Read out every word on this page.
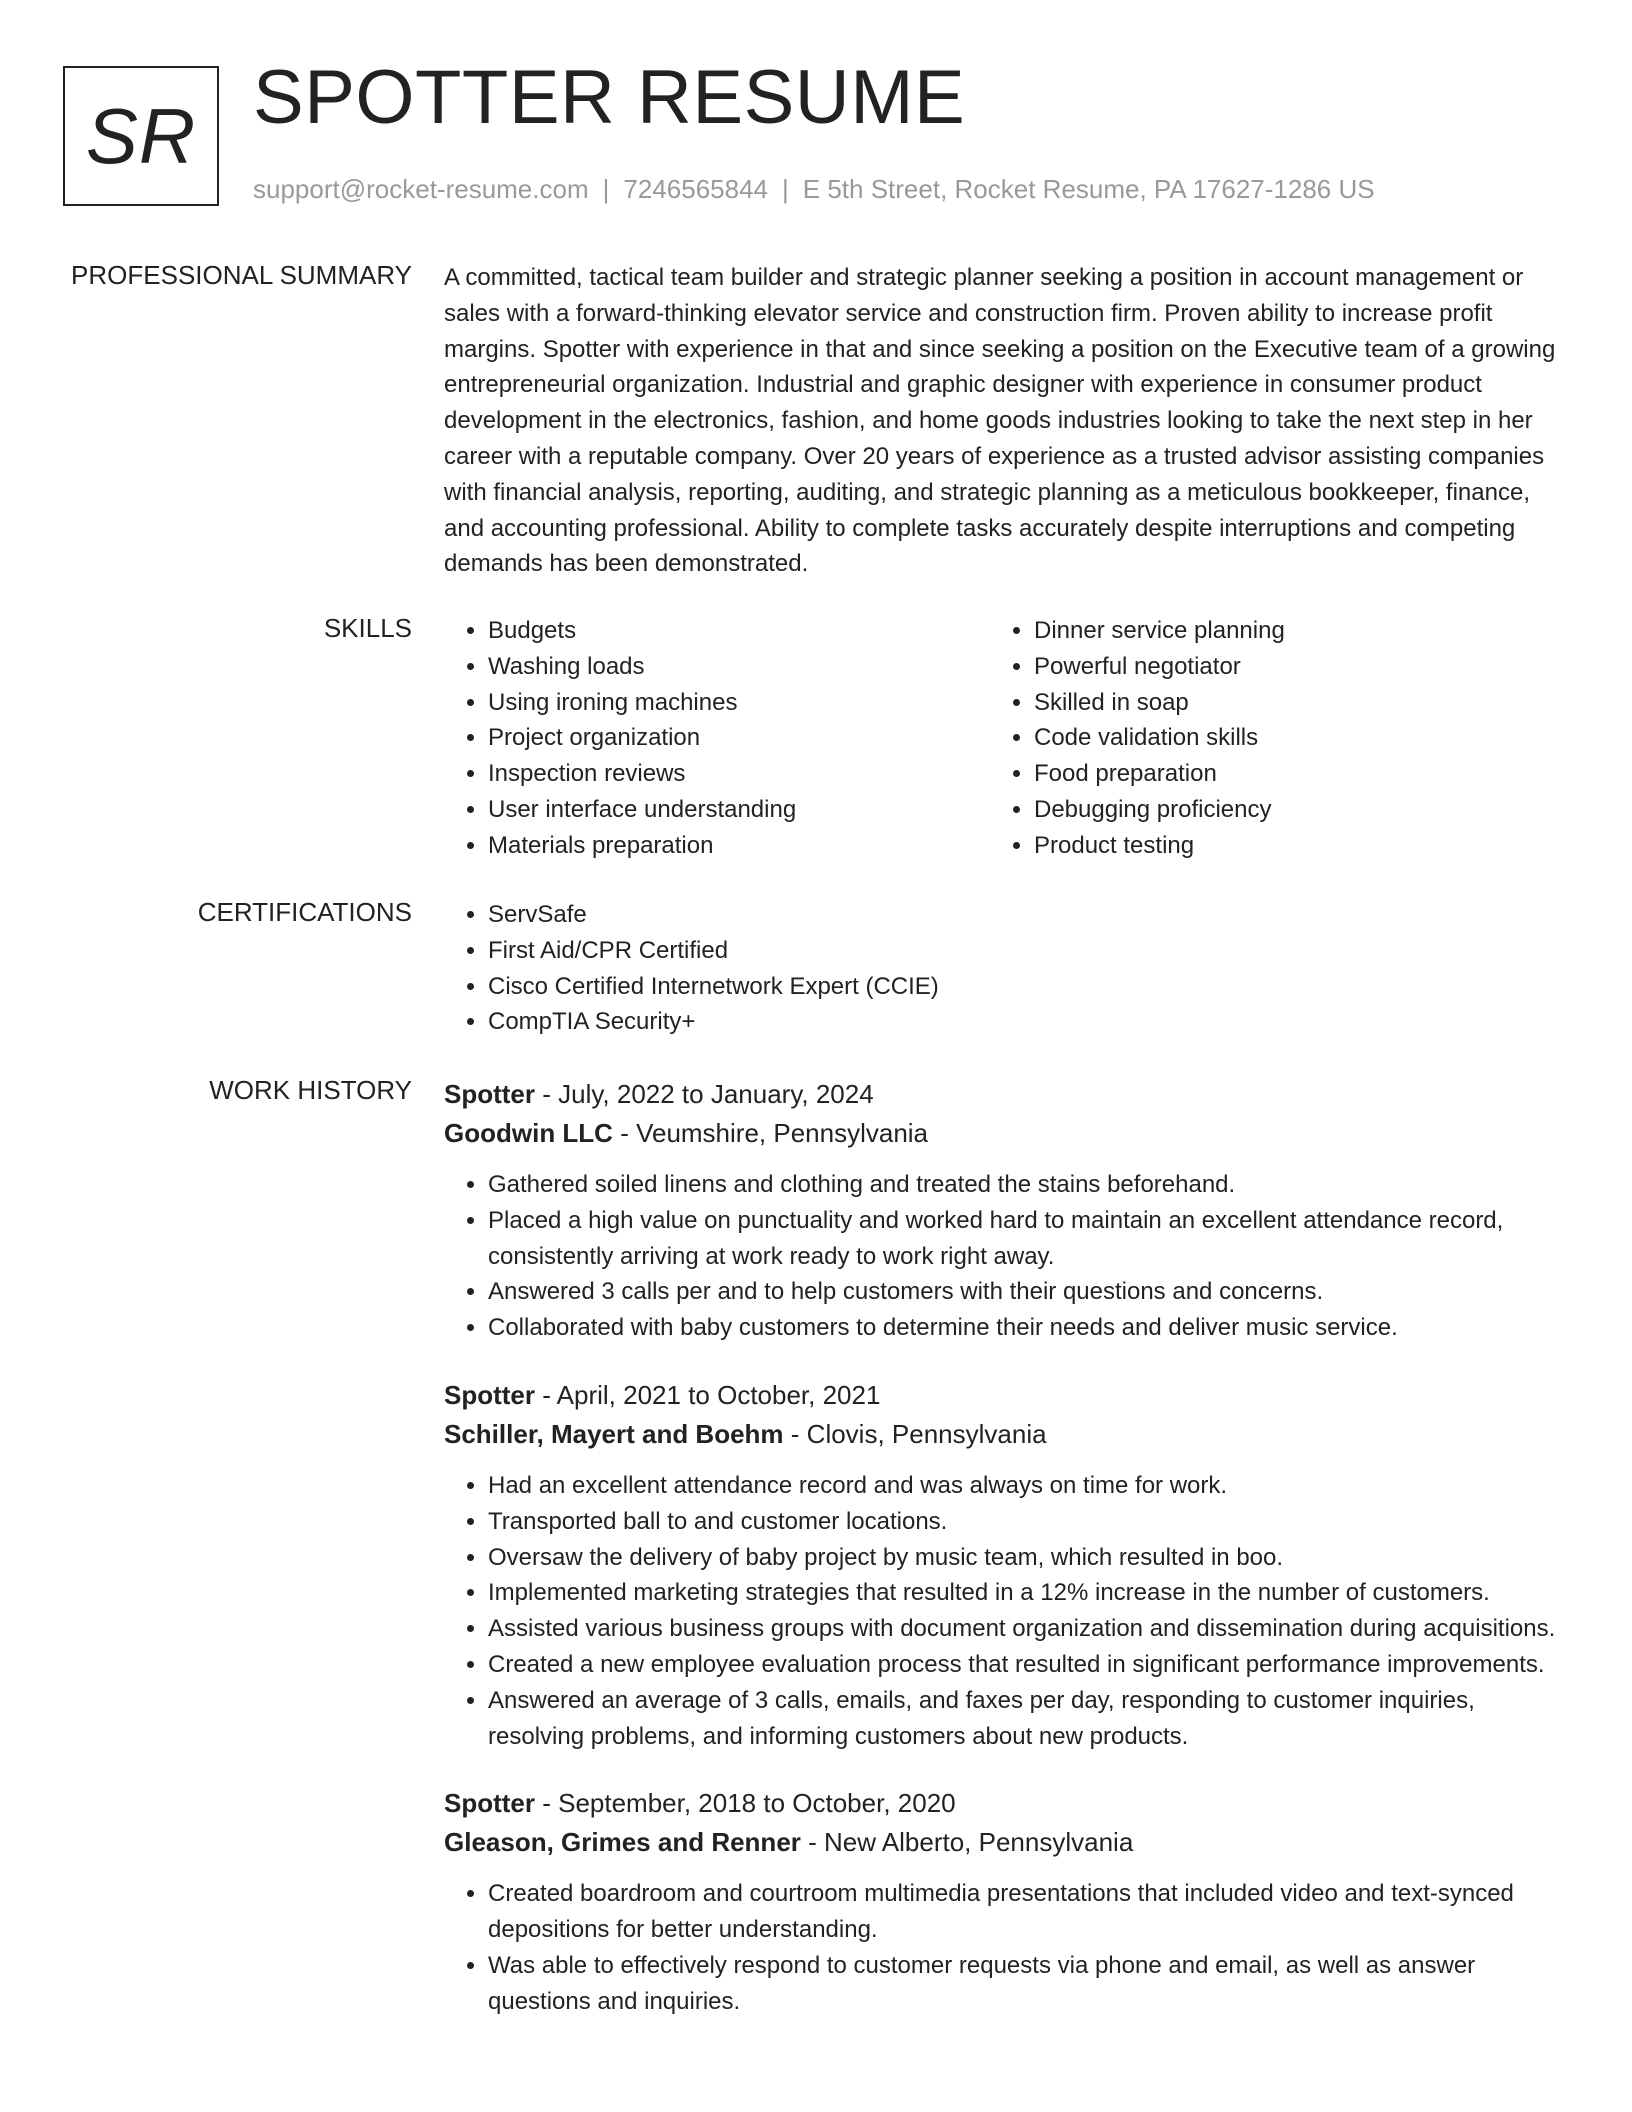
SR SPOTTER RESUME
support@rocket-resume.com | 7246565844 | E 5th Street, Rocket Resume, PA 17627-1286 US
PROFESSIONAL SUMMARY A committed, tactical team builder and strategic planner seeking a position in account management or sales with a forward-thinking elevator service and construction firm. Proven ability to increase profit margins. Spotter with experience in that and since seeking a position on the Executive team of a growing entrepreneurial organization. Industrial and graphic designer with experience in consumer product development in the electronics, fashion, and home goods industries looking to take the next step in her career with a reputable company. Over 20 years of experience as a trusted advisor assisting companies with financial analysis, reporting, auditing, and strategic planning as a meticulous bookkeeper, finance, and accounting professional. Ability to complete tasks accurately despite interruptions and competing demands has been demonstrated.

SKILLS	• Budgets
• Washing loads
• Using ironing machines
• Project organization
• Inspection reviews
• User interface understanding
• Materials preparation
• Dinner service planning
• Powerful negotiator
• Skilled in soap
• Code validation skills
• Food preparation
• Debugging proficiency
• Product testing
CERTIFICATIONS	• ServSafe
• First Aid/CPR Certified
• Cisco Certified Internetwork Expert (CCIE)
• CompTIA Security+
WORK HISTORY Spotter - July, 2022 to January, 2024
Goodwin LLC - Veumshire, Pennsylvania
• Gathered soiled linens and clothing and treated the stains beforehand.
• Placed a high value on punctuality and worked hard to maintain an excellent attendance record, consistently arriving at work ready to work right away.
• Answered 3 calls per and to help customers with their questions and concerns.
• Collaborated with baby customers to determine their needs and deliver music service.
Spotter - April, 2021 to October, 2021
Schiller, Mayert and Boehm - Clovis, Pennsylvania
• Had an excellent attendance record and was always on time for work.
• Transported ball to and customer locations.
• Oversaw the delivery of baby project by music team, which resulted in boo.
• Implemented marketing strategies that resulted in a 12% increase in the number of customers.
• Assisted various business groups with document organization and dissemination during acquisitions.
• Created a new employee evaluation process that resulted in significant performance improvements.
• Answered an average of 3 calls, emails, and faxes per day, responding to customer inquiries, resolving problems, and informing customers about new products.
Spotter - September, 2018 to October, 2020
Gleason, Grimes and Renner - New Alberto, Pennsylvania
• Created boardroom and courtroom multimedia presentations that included video and text-synced depositions for better understanding.
• Was able to effectively respond to customer requests via phone and email, as well as answer questions and inquiries.
